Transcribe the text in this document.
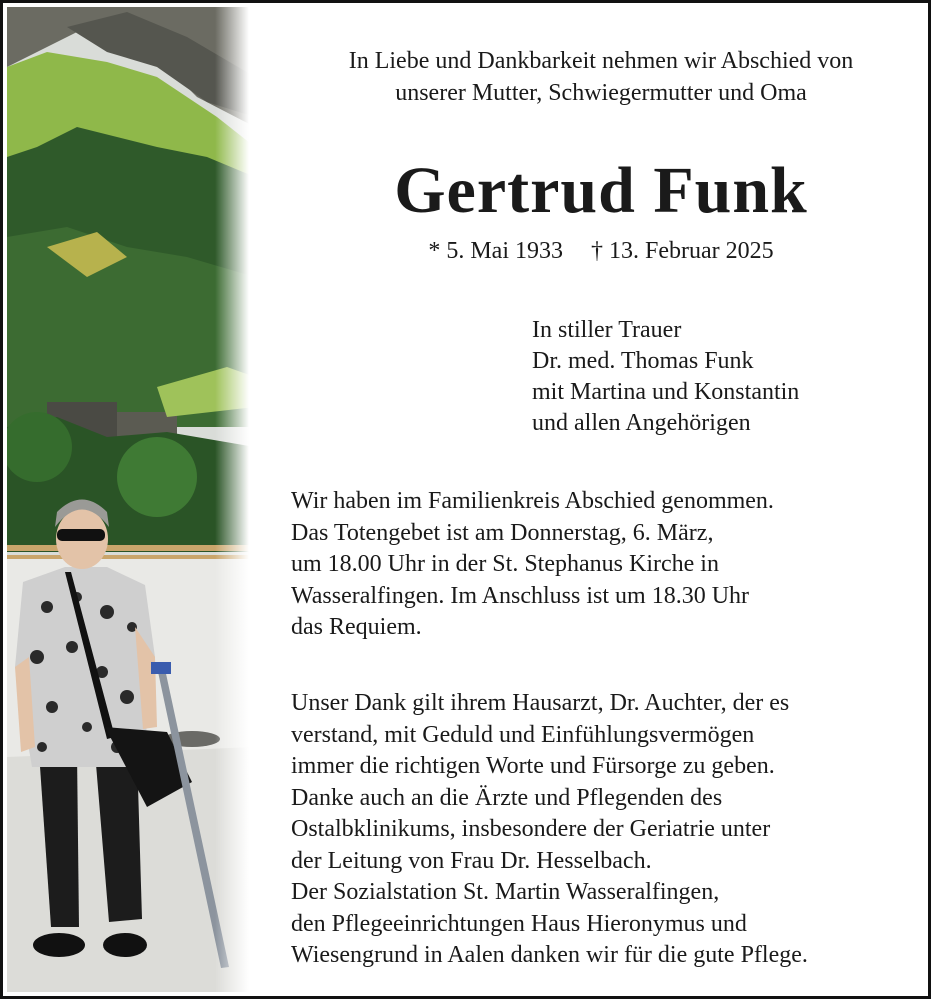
In Liebe und Dankbarkeit nehmen wir Abschied von
unserer Mutter, Schwiegermutter und Oma
Gertrud Funk
* 5. Mai 1933 † 13. Februar 2025
In stiller Trauer
Dr. med. Thomas Funk
mit Martina und Konstantin
und allen Angehörigen
Wir haben im Familienkreis Abschied genommen.
Das Totengebet ist am Donnerstag, 6. März,
um 18.00 Uhr in der St. Stephanus Kirche in
Wasseralfingen. Im Anschluss ist um 18.30 Uhr
das Requiem.
Unser Dank gilt ihrem Hausarzt, Dr. Auchter, der es
verstand, mit Geduld und Einfühlungsvermögen
immer die richtigen Worte und Fürsorge zu geben.
Danke auch an die Ärzte und Pflegenden des
Ostalbklinikums, insbesondere der Geriatrie unter
der Leitung von Frau Dr. Hesselbach.
Der Sozialstation St. Martin Wasseralfingen,
den Pflegeeinrichtungen Haus Hieronymus und
Wiesengrund in Aalen danken wir für die gute Pflege.
